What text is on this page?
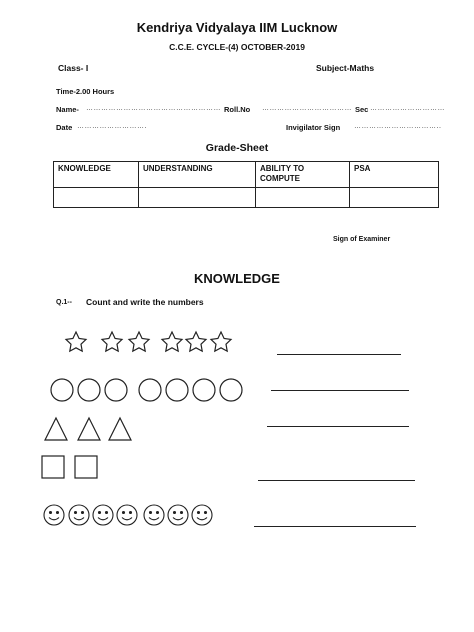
Kendriya Vidyalaya IIM Lucknow
C.C.E. CYCLE-(4) OCTOBER-2019
Class- I	Subject-Maths
Time-2.00 Hours
Name- ……………………………………………… Roll.No ……………………………… Sec …………………………
Date ……………………….	Invigilator Sign ……………………………..
Grade-Sheet
KNOWLEDGE	UNDERSTANDING	ABILITY TO COMPUTE	PSA

Sign of Examiner
KNOWLEDGE
Q.1-- Count and write the numbers
